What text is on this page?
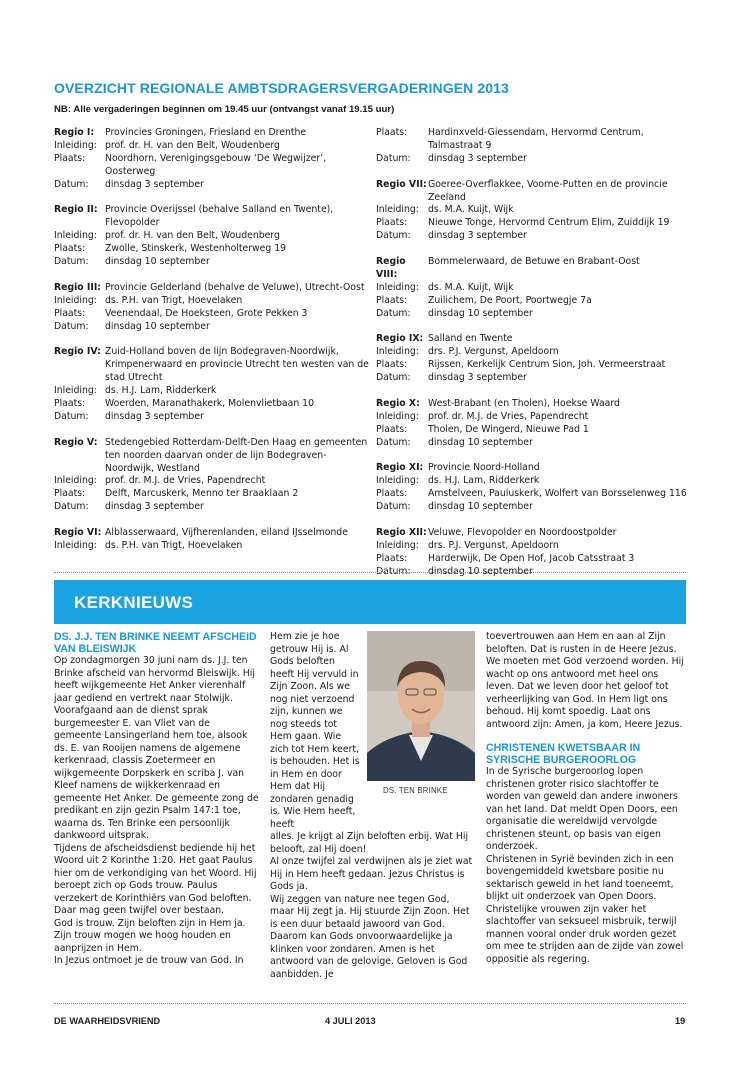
OVERZICHT REGIONALE AMBTSDRAGERSVERGADERINGEN 2013
NB: Alle vergaderingen beginnen om 19.45 uur (ontvangst vanaf 19.15 uur)
Regio I:	Provincies Groningen, Friesland en Drenthe
Inleiding: prof. dr. H. van den Belt, Woudenberg
Plaats:	Noordhorn, Verenigingsgebouw ‘De Wegwijzer’, Oosterweg
Datum:	dinsdag 3 september
Regio II: Provincie Overijssel (behalve Salland en Twente), Flevopolder
Inleiding: prof. dr. H. van den Belt, Woudenberg
Plaats:	Zwolle, Stinskerk, Westenholterweg 19
Datum:	dinsdag 10 september
Regio III: Provincie Gelderland (behalve de Veluwe), Utrecht-Oost
Inleiding: ds. P.H. van Trigt, Hoevelaken
Plaats:	Veenendaal, De Hoeksteen, Grote Pekken 3
Datum:	dinsdag 10 september
Regio IV: Zuid-Holland boven de lijn Bodegraven-Noordwijk, Krimpenerwaard en provincie Utrecht ten westen van de stad Utrecht
Inleiding: ds. H.J. Lam, Ridderkerk
Plaats:	Woerden, Maranathakerk, Molenvlietbaan 10
Datum:	dinsdag 3 september
Regio V: Stedengebied Rotterdam-Delft-Den Haag en gemeenten ten noorden daarvan onder de lijn Bodegraven-Noordwijk, Westland
Inleiding: prof. dr. M.J. de Vries, Papendrecht
Plaats:	Delft, Marcuskerk, Menno ter Braaklaan 2
Datum:	dinsdag 3 september
Regio VI: Alblasserwaard, Vijfherenlanden, eiland IJsselmonde
Inleiding: ds. P.H. van Trigt, Hoevelaken
Plaats:	Hardinxveld-Giessendam, Hervormd Centrum, Talmastraat 9
Datum:	dinsdag 3 september
Regio VII: Goeree-Overflakkee, Voorne-Putten en de provincie Zeeland
Inleiding: ds. M.A. Kuijt, Wijk
Plaats:	Nieuwe Tonge, Hervormd Centrum Elim, Zuiddijk 19
Datum:	dinsdag 3 september
Regio VIII:
Bommelerwaard, de Betuwe en Brabant-Oost
Inleiding: ds. M.A. Kuijt, Wijk
Plaats:	Zuilichem, De Poort, Poortwegje 7a
Datum:	dinsdag 10 september
Regio IX: Salland en Twente
Inleiding: drs. P.J. Vergunst, Apeldoorn
Plaats:	Rijssen, Kerkelijk Centrum Sion, Joh. Vermeerstraat
Datum:	dinsdag 3 september
Regio X: West-Brabant (en Tholen), Hoekse Waard
Inleiding: prof. dr. M.J. de Vries, Papendrecht
Plaats:	Tholen, De Wingerd, Nieuwe Pad 1
Datum:	dinsdag 10 september
Regio XI: Provincie Noord-Holland
Inleiding: ds. H.J. Lam, Ridderkerk
Plaats:	Amstelveen, Pauluskerk, Wolfert van Borsselenweg 116
Datum:	dinsdag 10 september
Regio XII: Veluwe, Flevopolder en Noordoostpolder
Inleiding: drs. P.J. Vergunst, Apeldoorn
Plaats:	Harderwijk, De Open Hof, Jacob Catsstraat 3
Datum:	dinsdag 10 september
KERKNIEUWS
DS. J.J. TEN BRINKE NEEMT AFSCHEID VAN BLEISWIJK
Op zondagmorgen 30 juni nam ds. J.J. ten Brinke afscheid van hervormd Bleiswijk. Hij heeft wijkgemeente Het Anker vierenhalf jaar gediend en vertrekt naar Stolwijk. Voorafgaand aan de dienst sprak burgemeester E. van Vliet van de gemeente Lansingerland hem toe, alsook ds. E. van Rooijen namens de algemene kerkenraad, classis Zoetermeer en wijkgemeente Dorpskerk en scriba J. van Kleef namens de wijkkerkenraad en gemeente Het Anker. De gemeente zong de predikant en zijn gezin Psalm 147:1 toe, waarna ds. Ten Brinke een persoonlijk dankwoord uitsprak.
Tijdens de afscheidsdienst bediende hij het Woord uit 2 Korinthe 1:20. Het gaat Paulus hier om de verkondiging van het Woord. Hij beroept zich op Gods trouw. Paulus verzekert de Korinthiërs van God beloften. Daar mag geen twijfel over bestaan.
God is trouw. Zijn beloften zijn in Hem ja. Zijn trouw mogen we hoog houden en aanprijzen in Hem.
In Jezus ontmoet je de trouw van God. In
Hem zie je hoe getrouw Hij is. Al Gods beloften heeft Hij vervuld in Zijn Zoon. Als we nog niet verzoend zijn, kunnen we nog steeds tot Hem gaan. Wie zich tot Hem keert, is behouden. Het is in Hem en door Hem dat Hij zondaren genadig is. Wie Hem heeft, heeft
alles. Je krijgt al Zijn beloften erbij. Wat Hij belooft, zal Hij doen!
Al onze twijfel zal verdwijnen als je ziet wat Hij in Hem heeft gedaan. Jezus Christus is Gods ja.
Wij zeggen van nature nee tegen God, maar Hij zegt ja. Hij stuurde Zijn Zoon. Het is een duur betaald jawoord van God. Daarom kan Gods onvoorwaardelijke ja klinken voor zondaren. Amen is het antwoord van de gelovige. Geloven is God aanbidden. Je
DS. TEN BRINKE
toevertrouwen aan Hem en aan al Zijn beloften. Dat is rusten in de Heere Jezus.
We moeten met God verzoend worden. Hij wacht op ons antwoord met heel ons leven. Dat we leven door het geloof tot verheerlijking van God. In Hem ligt ons behoud. Hij komt spoedig. Laat ons antwoord zijn: Amen, ja kom, Heere Jezus.
CHRISTENEN KWETSBAAR IN SYRISCHE BURGEROORLOG
In de Syrische burgeroorlog lopen christenen groter risico slachtoffer te worden van geweld dan andere inwoners van het land. Dat meldt Open Doors, een organisatie die wereldwijd vervolgde christenen steunt, op basis van eigen onderzoek.
Christenen in Syrië bevinden zich in een bovengemiddeld kwetsbare positie nu sektarisch geweld in het land toeneemt, blijkt uit onderzoek van Open Doors. Christelijke vrouwen zijn vaker het slachtoffer van seksueel misbruik, terwijl mannen vooral onder druk worden gezet om mee te strijden aan de zijde van zowel oppositie als regering.
DE WAARHEIDSVRIEND	4 JULI 2013	19
